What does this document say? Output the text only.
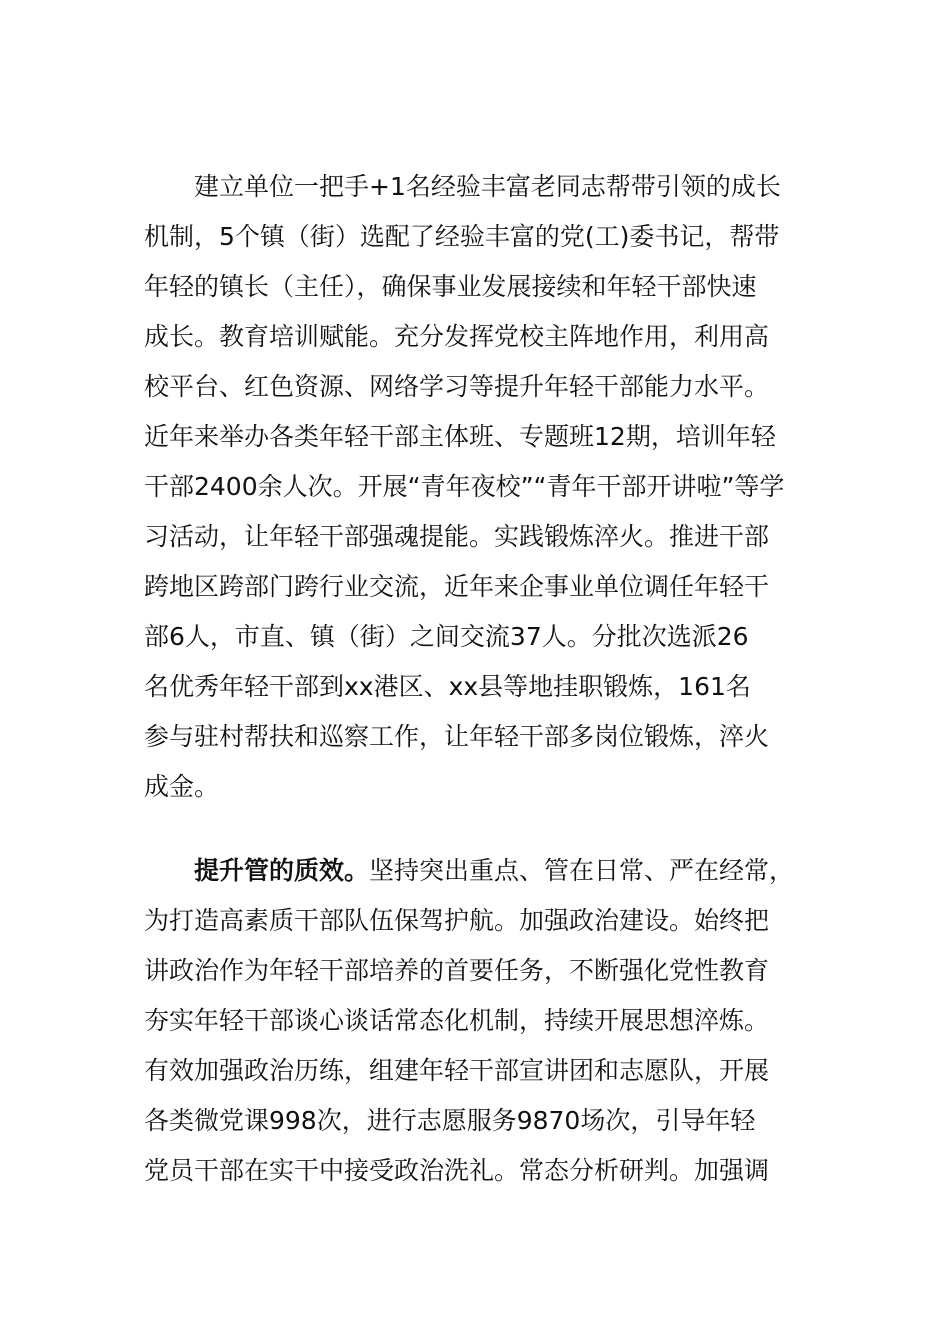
建立单位一把手+1名经验丰富老同志帮带引领的成长
机制，5个镇（街）选配了经验丰富的党(工)委书记，帮带
年轻的镇长（主任），确保事业发展接续和年轻干部快速
成长。教育培训赋能。充分发挥党校主阵地作用，利用高
校平台、红色资源、网络学习等提升年轻干部能力水平。
近年来举办各类年轻干部主体班、专题班12期，培训年轻
干部2400余人次。开展“青年夜校”“青年干部开讲啦”等学
习活动，让年轻干部强魂提能。实践锻炼淬火。推进干部
跨地区跨部门跨行业交流，近年来企事业单位调任年轻干
部6人，市直、镇（街）之间交流37人。分批次选派26
名优秀年轻干部到xx港区、xx县等地挂职锻炼，161名
参与驻村帮扶和巡察工作，让年轻干部多岗位锻炼，淬火
成金。
提升管的质效。坚持突出重点、管在日常、严在经常，
为打造高素质干部队伍保驾护航。加强政治建设。始终把
讲政治作为年轻干部培养的首要任务，不断强化党性教育
夯实年轻干部谈心谈话常态化机制，持续开展思想淬炼。
有效加强政治历练，组建年轻干部宣讲团和志愿队，开展
各类微党课998次，进行志愿服务9870场次，引导年轻
党员干部在实干中接受政治洗礼。常态分析研判。加强调
